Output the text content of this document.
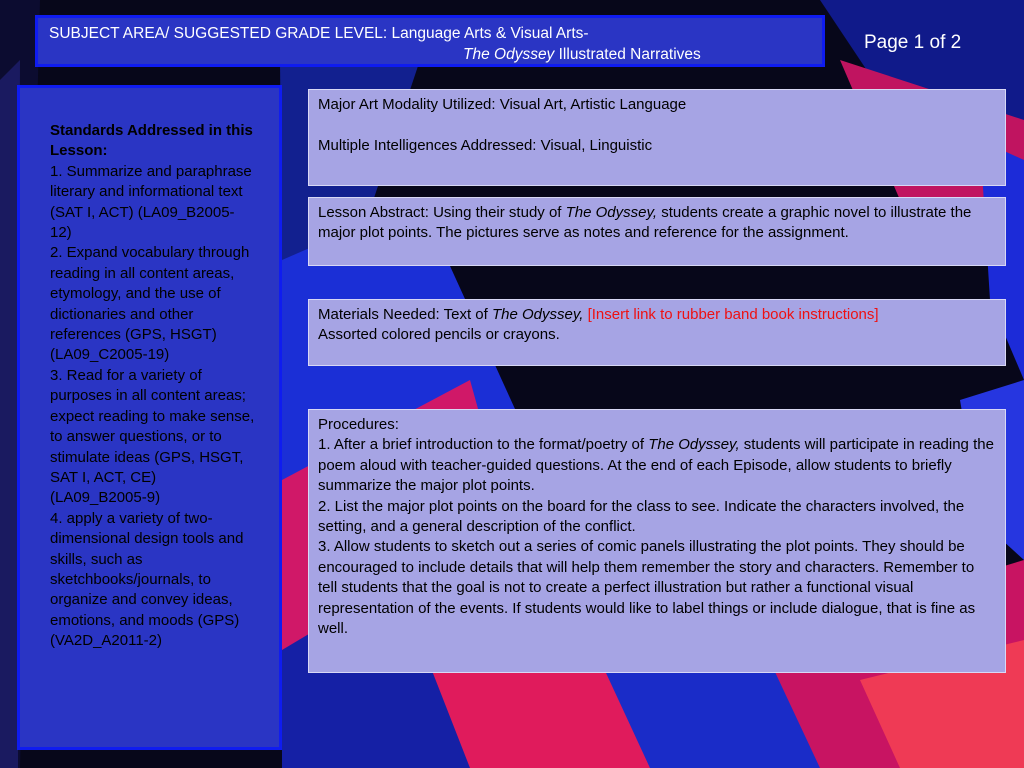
SUBJECT AREA/ SUGGESTED GRADE LEVEL: Language Arts & Visual Arts-
The Odyssey Illustrated Narratives
Page 1 of 2
Standards Addressed in this Lesson:
1. Summarize and paraphrase literary and informational text (SAT I, ACT) (LA09_B2005-12)
2. Expand vocabulary through reading in all content areas, etymology, and the use of dictionaries and other references (GPS, HSGT) (LA09_C2005-19)
3. Read for a variety of purposes in all content areas; expect reading to make sense, to answer questions, or to stimulate ideas (GPS, HSGT, SAT I, ACT, CE) (LA09_B2005-9)
4. apply a variety of two-dimensional design tools and skills, such as sketchbooks/journals, to organize and convey ideas, emotions, and moods (GPS) (VA2D_A2011-2)

Major Art Modality Utilized: Visual Art, Artistic Language

Multiple Intelligences Addressed: Visual, Linguistic

Lesson Abstract: Using their study of The Odyssey, students create a graphic novel to illustrate the major plot points. The pictures serve as notes and reference for the assignment.

Materials Needed: Text of The Odyssey, [Insert link to rubber band book instructions]

Assorted colored pencils or crayons.

Procedures:

1. After a brief introduction to the format/poetry of The Odyssey, students will participate in reading the poem aloud with teacher-guided questions. At the end of each Episode, allow students to briefly summarize the major plot points.

2. List the major plot points on the board for the class to see. Indicate the characters involved, the setting, and a general description of the conflict.

3. Allow students to sketch out a series of comic panels illustrating the plot points. They should be encouraged to include details that will help them remember the story and characters. Remember to tell students that the goal is not to create a perfect illustration but rather a functional visual representation of the events. If students would like to label things or include dialogue, that is fine as well.
